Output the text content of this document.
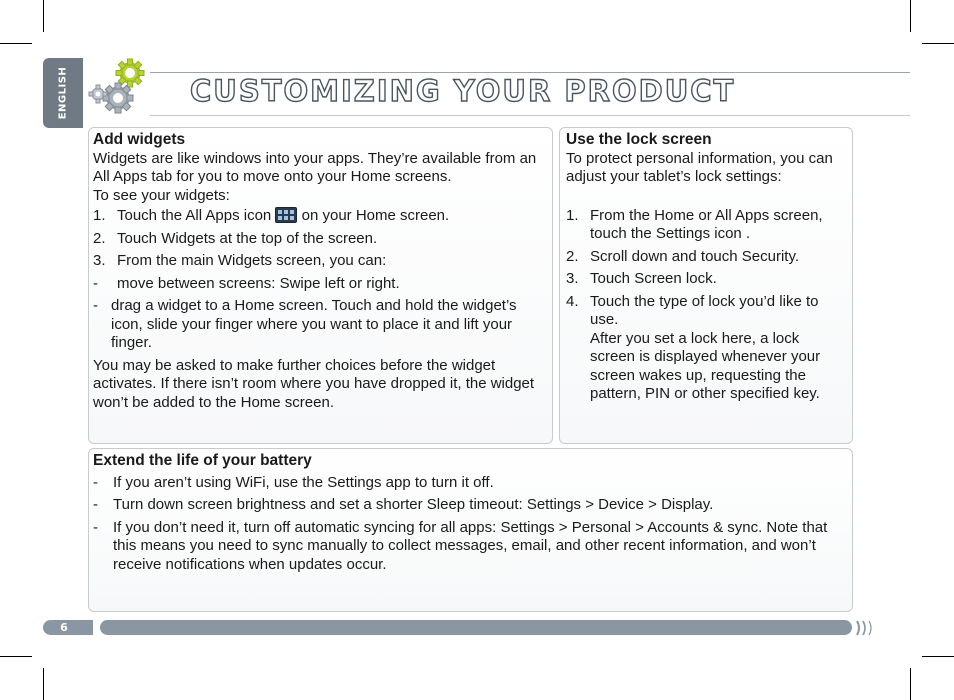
ENGLISH	CUSTOMIZING YOUR PRODUCT
Add widgets

Widgets are like windows into your apps. They’re available from an All Apps tab for you to move onto your Home screens.

To see your widgets:

1. Touch the All Apps icon on your Home screen.
2. Touch Widgets at the top of the screen.
3. From the main Widgets screen, you can:
- move between screens: Swipe left or right.
- drag a widget to a Home screen. Touch and hold the widget’s icon, slide your finger where you want to place it and lift your finger.

You may be asked to make further choices before the widget activates. If there isn’t room where you have dropped it, the widget won’t be added to the Home screen.

Use the lock screen

To protect personal information, you can adjust your tablet’s lock settings:

1. From the Home or All Apps screen, touch the Settings icon .
2. Scroll down and touch Security.
3. Touch Screen lock.
4. Touch the type of lock you’d like to use.
After you set a lock here, a lock screen is displayed whenever your screen wakes up, requesting the pattern, PIN or other specified key.
Extend the life of your battery
- If you aren’t using WiFi, use the Settings app to turn it off.
- Turn down screen brightness and set a shorter Sleep timeout: Settings > Device > Display.
- If you don’t need it, turn off automatic syncing for all apps: Settings > Personal > Accounts & sync. Note that this means you need to sync manually to collect messages, email, and other recent information, and won’t receive notifications when updates occur.
6
